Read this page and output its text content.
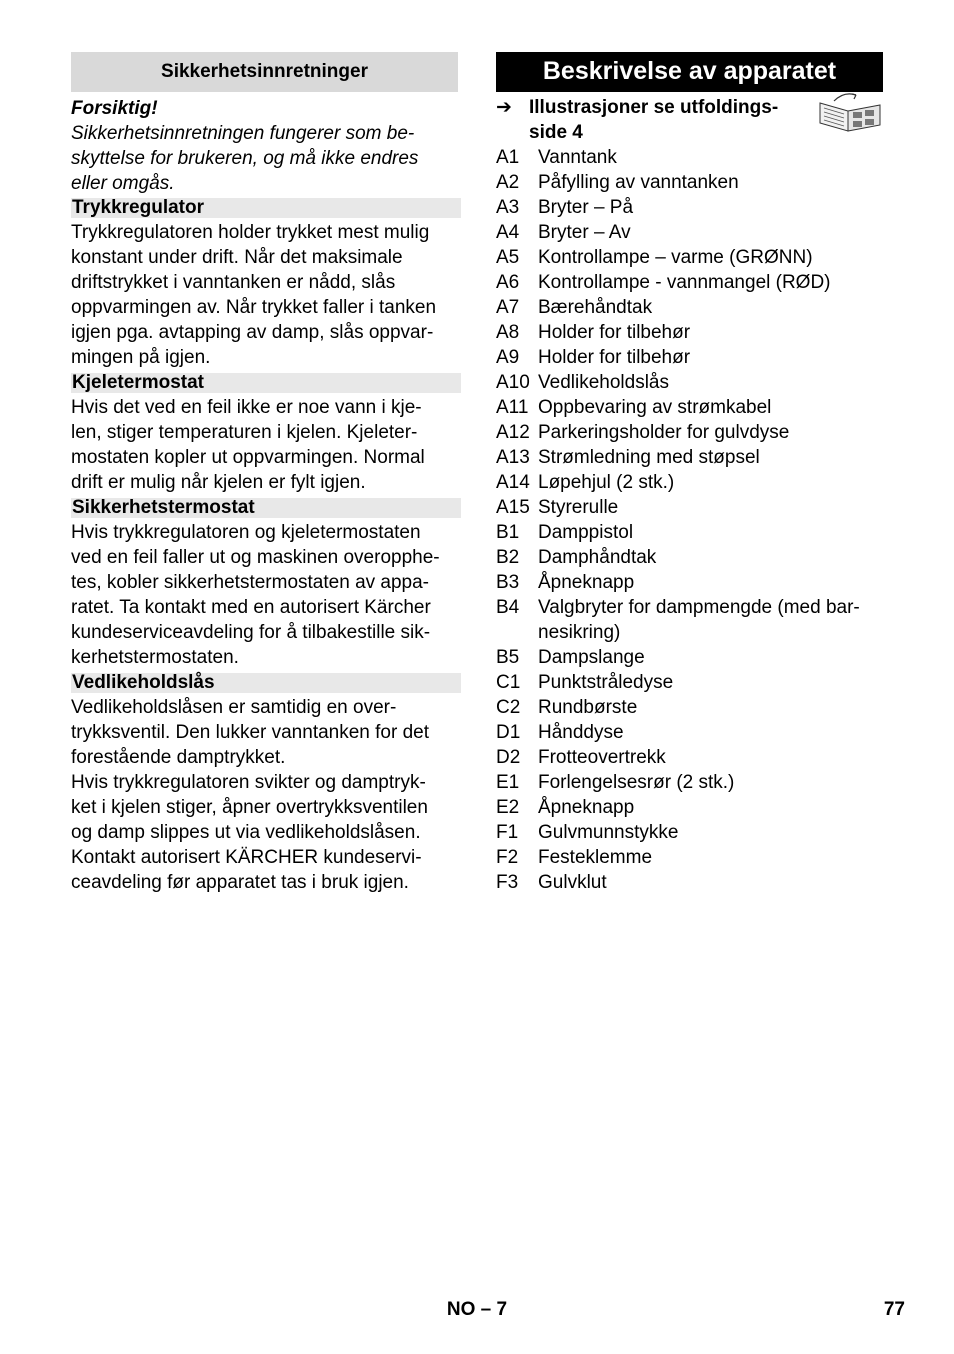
Sikkerhetsinnretninger
Forsiktig!
Sikkerhetsinnretningen fungerer som be-
skyttelse for brukeren, og må ikke endres
eller omgås.
Trykkregulator
Trykkregulatoren holder trykket mest mulig
konstant under drift. Når det maksimale
driftstrykket i vanntanken er nådd, slås
oppvarmingen av. Når trykket faller i tanken
igjen pga. avtapping av damp, slås oppvar-
mingen på igjen.
Kjeletermostat
Hvis det ved en feil ikke er noe vann i kje-
len, stiger temperaturen i kjelen. Kjeleter-
mostaten kopler ut oppvarmingen. Normal
drift er mulig når kjelen er fylt igjen.
Sikkerhetstermostat
Hvis trykkregulatoren og kjeletermostaten
ved en feil faller ut og maskinen overopphe-
tes, kobler sikkerhetstermostaten av appa-
ratet. Ta kontakt med en autorisert Kärcher
kundeserviceavdeling for å tilbakestille sik-
kerhetstermostaten.
Vedlikeholdslås
Vedlikeholdslåsen er samtidig en over-
trykksventil. Den lukker vanntanken for det
forestående damptrykket.
Hvis trykkregulatoren svikter og damptryk-
ket i kjelen stiger, åpner overtrykksventilen
og damp slippes ut via vedlikeholdslåsen.
Kontakt autorisert KÄRCHER kundeservi-
ceavdeling før apparatet tas i bruk igjen.
Beskrivelse av apparatet
➔ Illustrasjoner se utfoldings-
side 4
A1 Vanntank
A2 Påfylling av vanntanken
A3 Bryter – På
A4 Bryter – Av
A5 Kontrollampe – varme (GRØNN)
A6 Kontrollampe - vannmangel (RØD)
A7 Bærehåndtak
A8 Holder for tilbehør
A9 Holder for tilbehør
A10 Vedlikeholdslås
A11 Oppbevaring av strømkabel
A12 Parkeringsholder for gulvdyse
A13 Strømledning med støpsel
A14 Løpehjul (2 stk.)
A15 Styrerulle
B1 Damppistol
B2 Damphåndtak
B3 Åpneknapp
B4 Valgbryter for dampmengde (med bar-
nesikring)
B5 Dampslange
C1 Punktstråledyse
C2 Rundbørste
D1 Hånddyse
D2 Frotteovertrekk
E1 Forlengelsesrør (2 stk.)
E2 Åpneknapp
F1	Gulvmunnstykke
F2	Festeklemme
F3	Gulvklut
NO – 7	77
